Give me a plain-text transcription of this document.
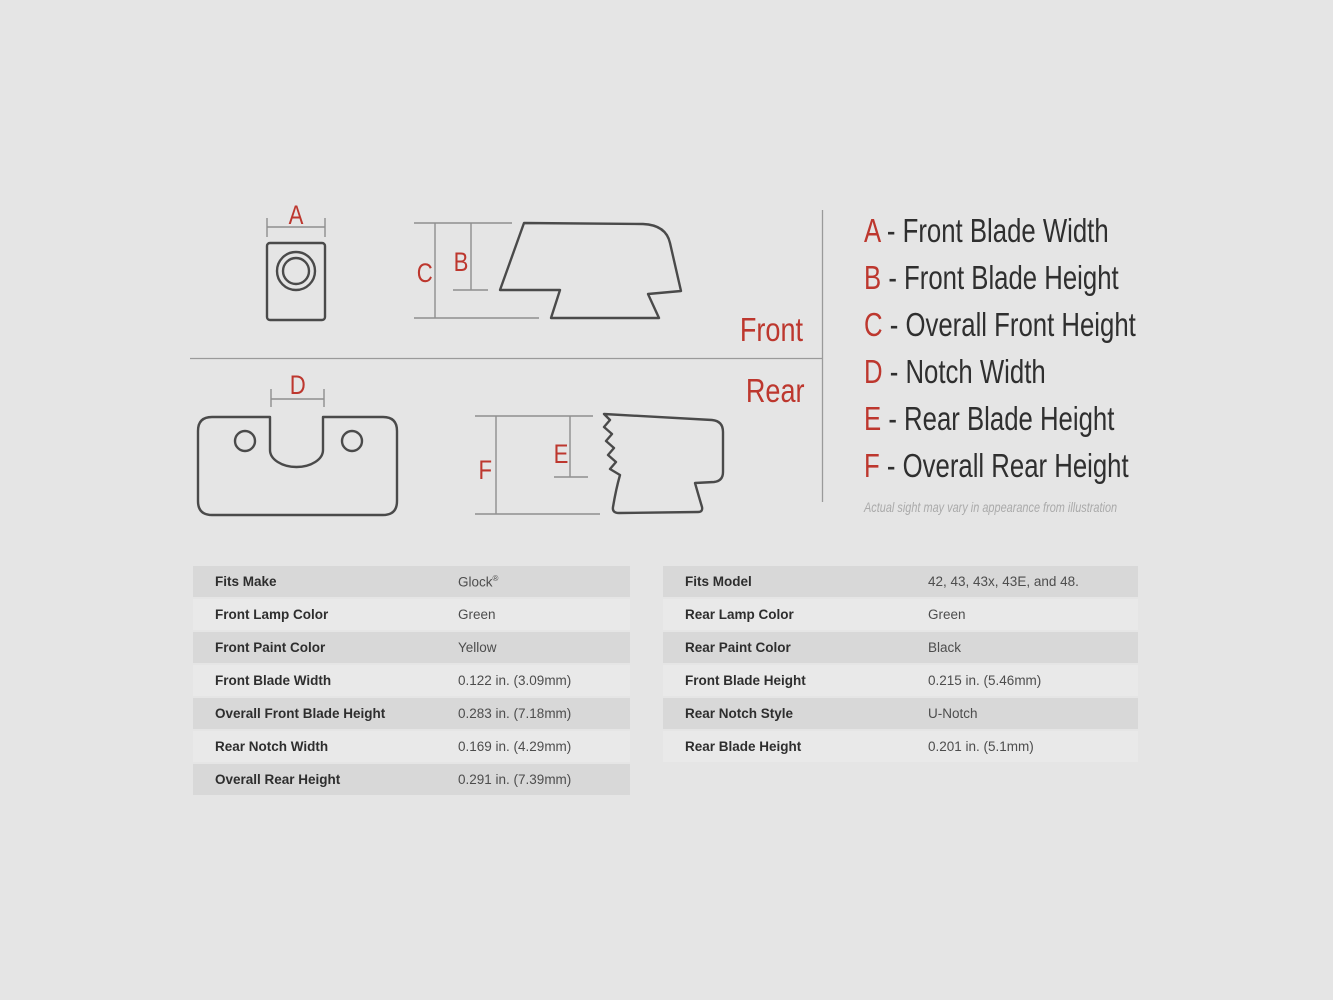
A
B
C
D
E
F
Front
Rear
A - Front Blade Width
B - Front Blade Height
C - Overall Front Height
D - Notch Width
E - Rear Blade Height
F - Overall Rear Height
Actual sight may vary in appearance from illustration
Fits Make	Glock®
Front Lamp Color	Green
Front Paint Color	Yellow
Front Blade Width	0.122 in. (3.09mm)
Overall Front Blade Height	0.283 in. (7.18mm)
Rear Notch Width	0.169 in. (4.29mm)
Overall Rear Height	0.291 in. (7.39mm)
Fits Model	42, 43, 43x, 43E, and 48.
Rear Lamp Color	Green
Rear Paint Color	Black
Front Blade Height	0.215 in. (5.46mm)
Rear Notch Style	U-Notch
Rear Blade Height	0.201 in. (5.1mm)
